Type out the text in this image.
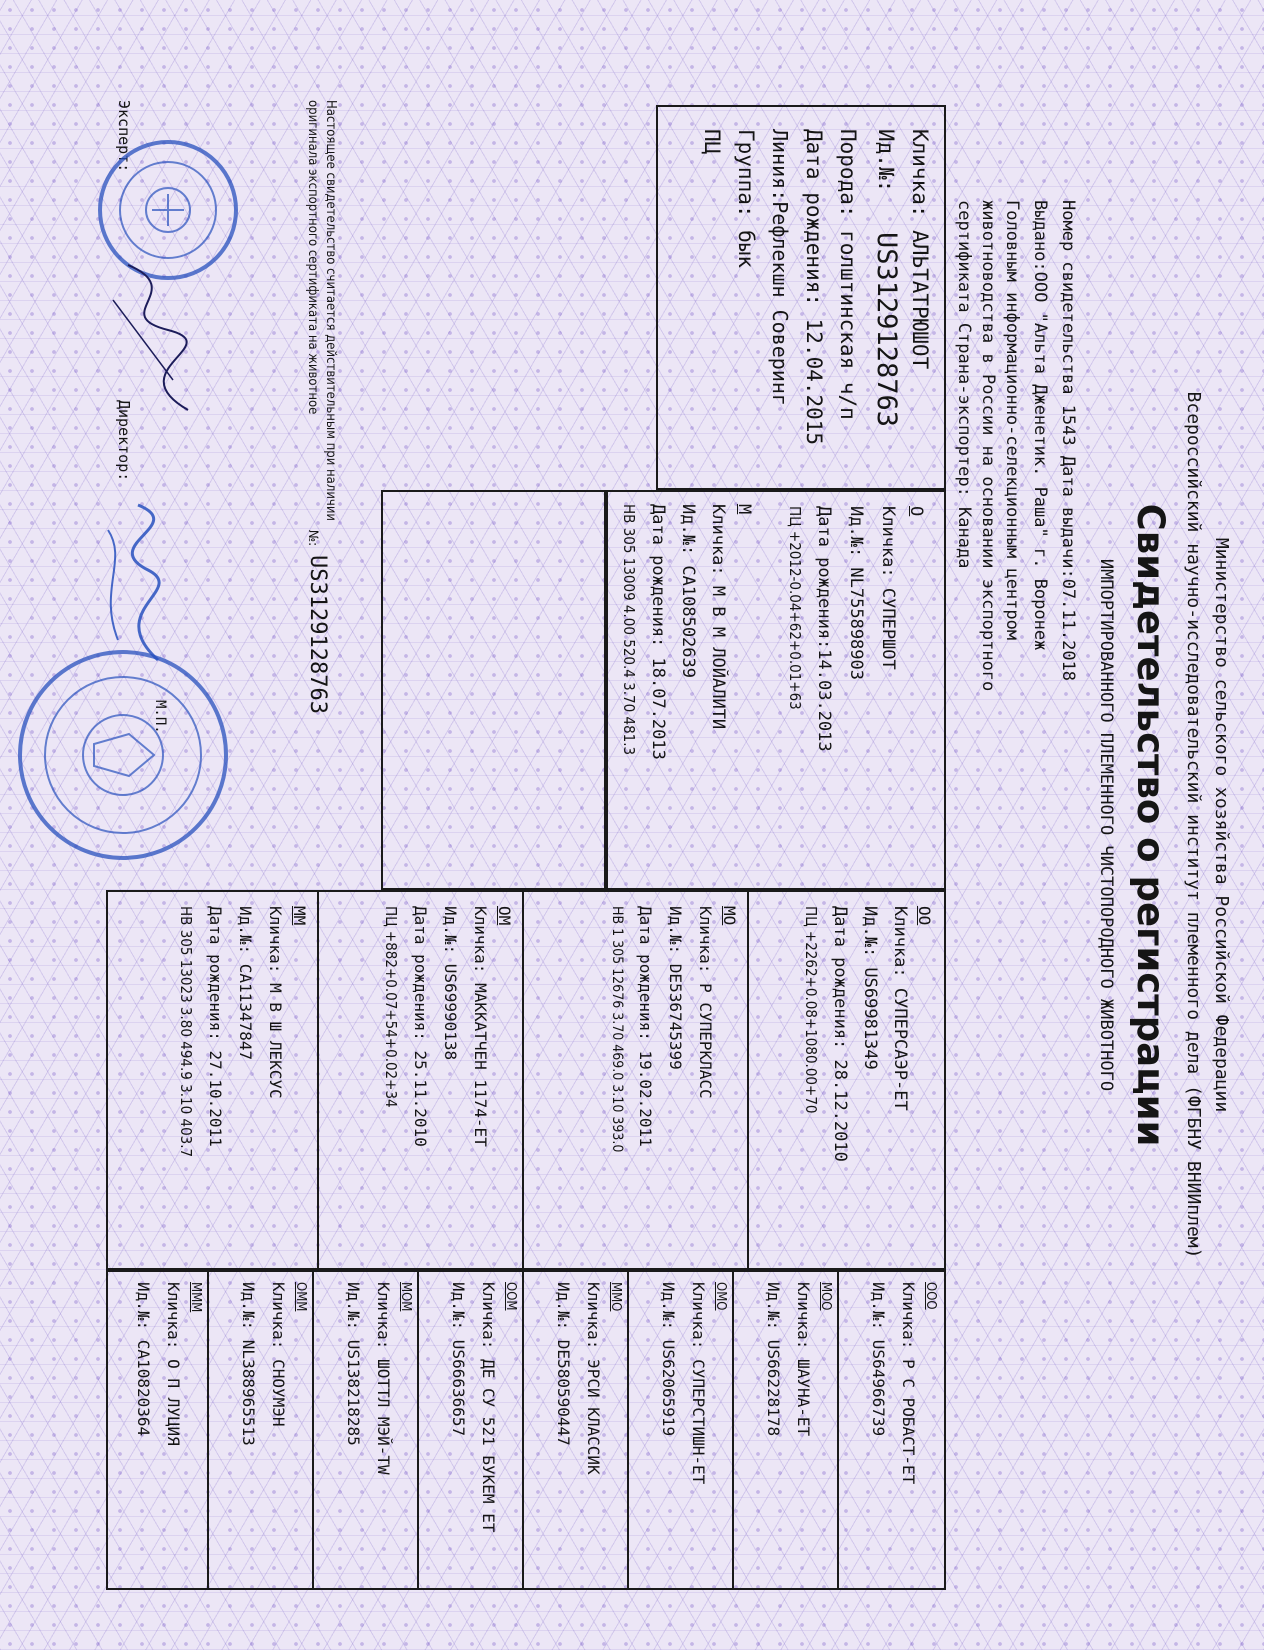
Министерство сельского хозяйства Российской Федерации
Всероссийский научно-исследовательский институт племенного дела (ФГБНУ ВНИИплем)
Свидетельство о регистрации
ИМПОРТИРОВАННОГО ПЛЕМЕННОГО ЧИСТОПОРОДНОГО ЖИВОТНОГО
Номер свидетельства 1543 Дата выдачи:07.11.2018
Выдано:ООО "Альта Дженетик. Раша" г. Воронеж
Головным информационно-селекционным центром
животноводства в России на основании экспортного
сертификата Страна-экспортер: Канада
Кличка: АЛЬТАТРЮШОТ
Ид.№:
US3129128763
Порода: голштинская ч/п
Дата рождения: 12.04.2015
Линия:Рефлекшн Соверинг
Группа: бык
ПЦ
О
Кличка: СУПЕРШОТ
Ид.№: NL755898903
Дата рождения:14.03.2013
ПЦ +2012-0.04+62+0.01+63
М
Кличка: М В М ЛОЙАЛИТИ
Ид.№: CA108502639
Дата рождения: 18.07.2013
НВ 305 13009 4.00 520.4 3.70 481.3
ОО
Кличка: СУПЕРСАЭР-ЕТ
Ид.№: US69981349
Дата рождения: 28.12.2010
ПЦ +2262+0.08+1080.00+70
МО
Кличка: Р СУПЕРКЛАСС
Ид.№: DE536745399
Дата рождения: 19.02.2011
НВ 1 305 12676 3.70 469.0 3.10 393.0
ОМ
Кличка: МАККАТЧЕН 1174-ЕТ
Ид.№: US69990138
Дата рождения: 25.11.2010
ПЦ +882+0.07+54+0.02+34
ММ
Кличка: М В Ш ЛЕКСУС
Ид.№: CA11347847
Дата рождения: 27.10.2011
НВ 305 13023 3.80 494.9 3.10 403.7
ООО
Кличка: Р С РОБАСТ-ЕТ
Ид.№: US64966739
МОО
Кличка: ШАУНА-ЕТ
Ид.№: US66228178
ОМО
Кличка: СУПЕРСТИШН-ЕТ
Ид.№: US62065919
ММО
Кличка: ЭРСИ КЛАССИК
Ид.№: DE580590447
ООМ
Кличка: ДЕ СУ 521 БУКЕМ ЕТ
Ид.№: US66636657
МОМ
Кличка: ШОТТЛ МЭЙ-ТW
Ид.№: US138218285
ОММ
Кличка: СНОУМЭН
Ид.№: NL388965513
МММ
Кличка: О П ЛУЦИЯ
Ид.№: CA10820364
Настоящее свидетельство считается действительным при наличии
оригинала экспортного сертификата на животное
№:
US3129128763
Эксперт:
Директор:
М.П.
